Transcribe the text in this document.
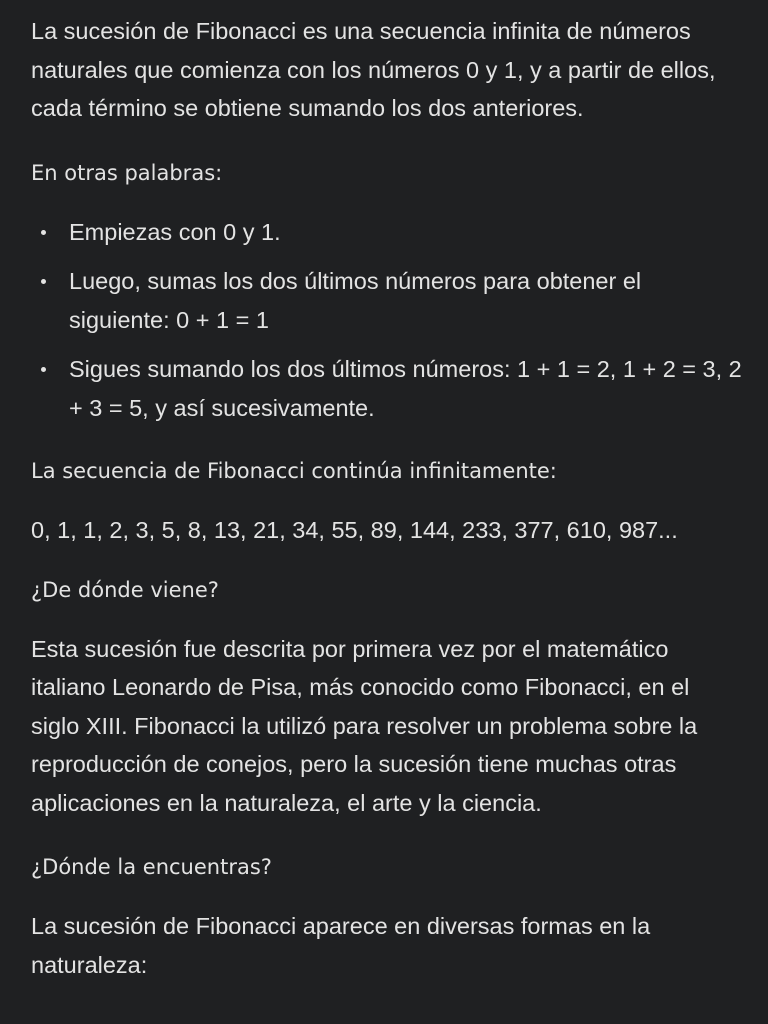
La sucesión de Fibonacci es una secuencia infinita de números naturales que comienza con los números 0 y 1, y a partir de ellos, cada término se obtiene sumando los dos anteriores.

En otras palabras:

Empiezas con 0 y 1.
Luego, sumas los dos últimos números para obtener el siguiente: 0 + 1 = 1
Sigues sumando los dos últimos números: 1 + 1 = 2, 1 + 2 = 3, 2 + 3 = 5, y así sucesivamente.

La secuencia de Fibonacci continúa infinitamente:

0, 1, 1, 2, 3, 5, 8, 13, 21, 34, 55, 89, 144, 233, 377, 610, 987...

¿De dónde viene?

Esta sucesión fue descrita por primera vez por el matemático italiano Leonardo de Pisa, más conocido como Fibonacci, en el siglo XIII. Fibonacci la utilizó para resolver un problema sobre la reproducción de conejos, pero la sucesión tiene muchas otras aplicaciones en la naturaleza, el arte y la ciencia.

¿Dónde la encuentras?

La sucesión de Fibonacci aparece en diversas formas en la naturaleza:
